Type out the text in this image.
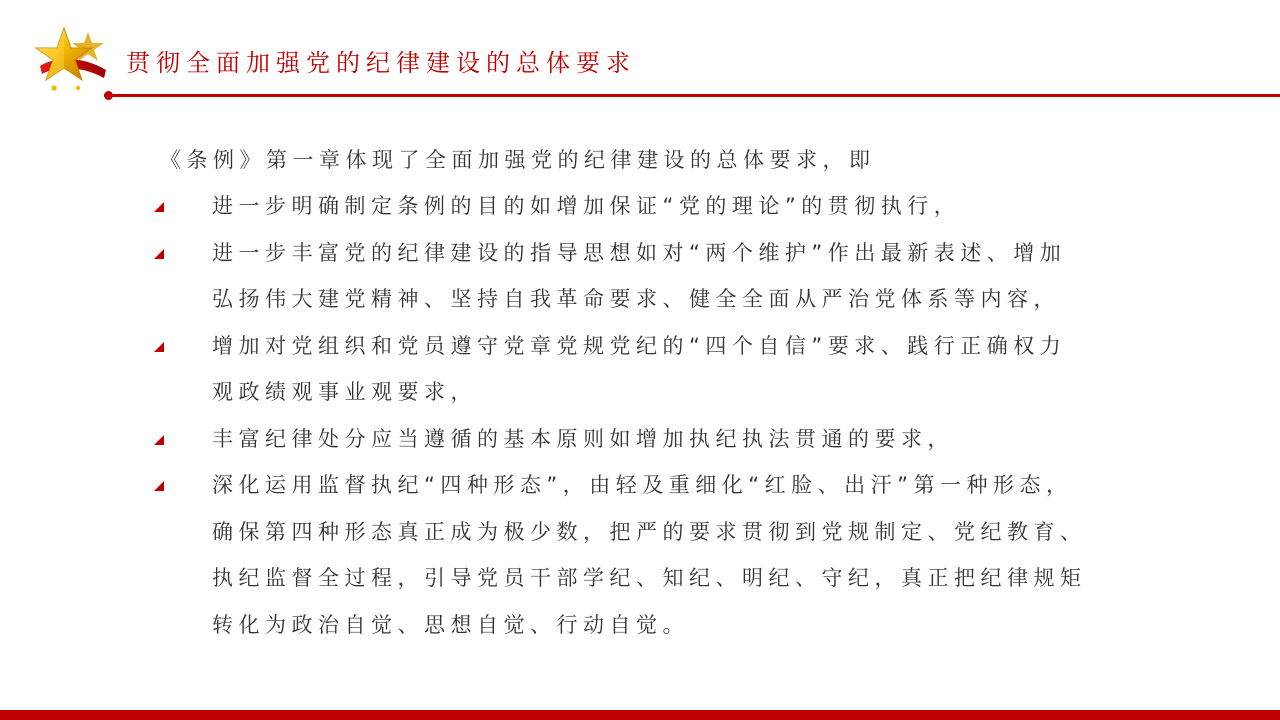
贯彻全面加强党的纪律建设的总体要求
《条例》第一章体现了全面加强党的纪律建设的总体要求，即
进一步明确制定条例的目的如增加保证“党的理论”的贯彻执行，
进一步丰富党的纪律建设的指导思想如对“两个维护”作出最新表述、增加
弘扬伟大建党精神、坚持自我革命要求、健全全面从严治党体系等内容，
增加对党组织和党员遵守党章党规党纪的“四个自信”要求、践行正确权力
观政绩观事业观要求，
丰富纪律处分应当遵循的基本原则如增加执纪执法贯通的要求，
深化运用监督执纪“四种形态”，由轻及重细化“红脸、出汗”第一种形态，
确保第四种形态真正成为极少数，把严的要求贯彻到党规制定、党纪教育、
执纪监督全过程，引导党员干部学纪、知纪、明纪、守纪，真正把纪律规矩
转化为政治自觉、思想自觉、行动自觉。
